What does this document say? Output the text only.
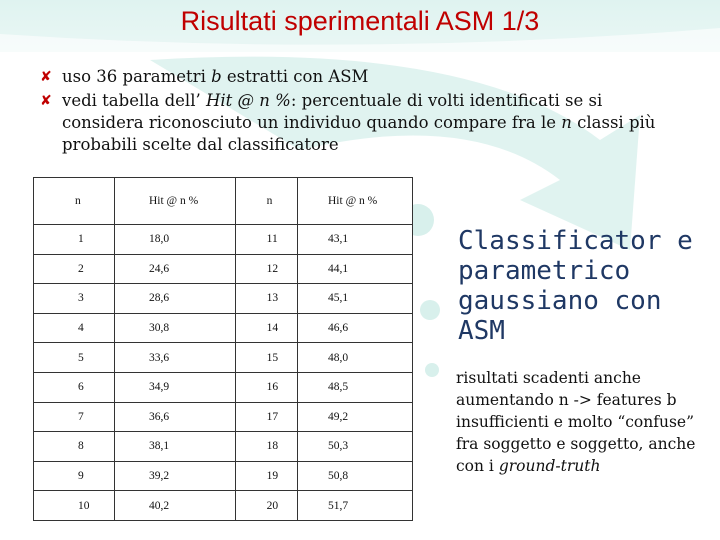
Risultati sperimentali ASM 1/3
✘ uso 36 parametri b estratti con ASM
✘ vedi tabella dell’ Hit @ n %: percentuale di volti identificati se si considera riconosciuto un individuo quando compare fra le n classi più probabili scelte dal classificatore
n	Hit @ n %	n	Hit @ n %
1	18,0	11	43,1
2	24,6	12	44,1
3	28,6	13	45,1
4	30,8	14	46,6
5	33,6	15	48,0
6	34,9	16	48,5
7	36,6	17	49,2
8	38,1	18	50,3
9	39,2	19	50,8
10	40,2	20	51,7
Classificator e parametrico gaussiano con ASM
risultati scadenti anche aumentando n -> features b insufficienti e molto “confuse” fra soggetto e soggetto, anche con i ground-truth
